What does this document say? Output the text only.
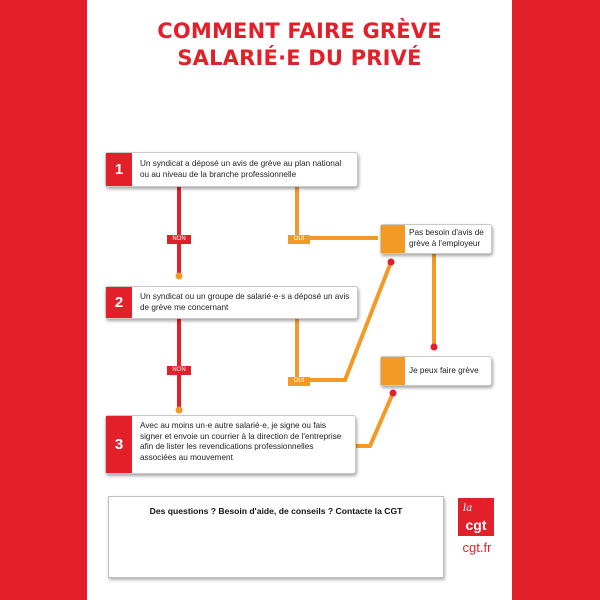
COMMENT FAIRE GRÈVE
SALARIÉ·E DU PRIVÉ
NON	OUI
NON
OUI
1	Un syndicat a déposé un avis de grève au plan national ou au niveau de la branche professionnelle
2	Un syndicat ou un groupe de salarié·e·s a déposé un avis de grève me concernant
3
Avec au moins un·e autre salarié·e, je signe ou fais signer et envoie un courrier à la direction de l'entreprise afin de lister les revendications professionnelles associées au mouvement
Pas besoin d'avis de grève à l'employeur
Je peux faire grève
Des questions ? Besoin d'aide, de conseils ? Contacte la CGT	la
cgt
cgt.fr
